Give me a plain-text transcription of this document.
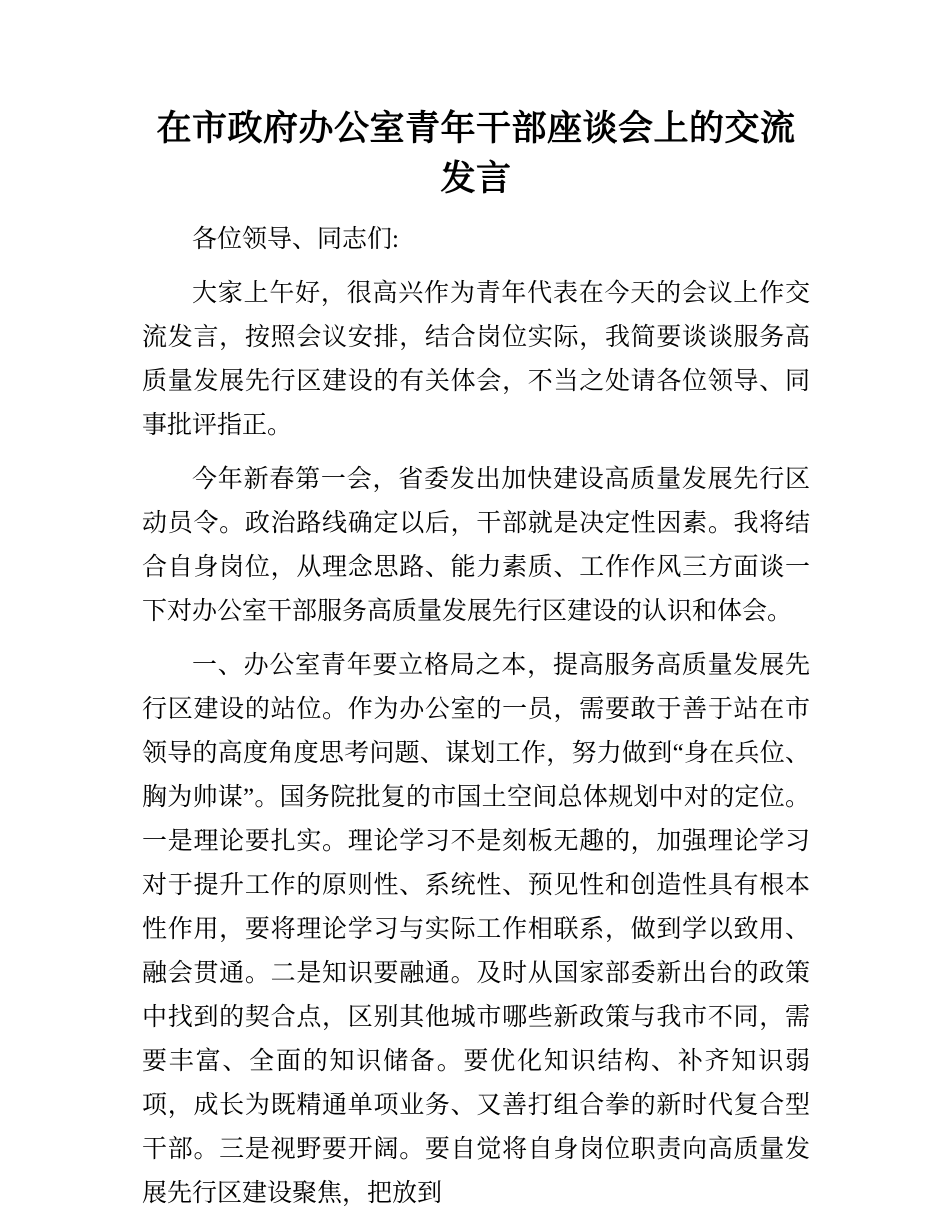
在市政府办公室青年干部座谈会上的交流发言

各位领导、同志们:

大家上午好，很高兴作为青年代表在今天的会议上作交流发言，按照会议安排，结合岗位实际，我简要谈谈服务高质量发展先行区建设的有关体会，不当之处请各位领导、同事批评指正。

今年新春第一会，省委发出加快建设高质量发展先行区动员令。政治路线确定以后，干部就是决定性因素。我将结合自身岗位，从理念思路、能力素质、工作作风三方面谈一下对办公室干部服务高质量发展先行区建设的认识和体会。

一、办公室青年要立格局之本，提高服务高质量发展先行区建设的站位。作为办公室的一员，需要敢于善于站在市领导的高度角度思考问题、谋划工作，努力做到“身在兵位、胸为帅谋”。国务院批复的市国土空间总体规划中对的定位。一是理论要扎实。理论学习不是刻板无趣的，加强理论学习对于提升工作的原则性、系统性、预见性和创造性具有根本性作用，要将理论学习与实际工作相联系，做到学以致用、融会贯通。二是知识要融通。及时从国家部委新出台的政策中找到的契合点，区别其他城市哪些新政策与我市不同，需要丰富、全面的知识储备。要优化知识结构、补齐知识弱项，成长为既精通单项业务、又善打组合拳的新时代复合型干部。三是视野要开阔。要自觉将自身岗位职责向高质量发展先行区建设聚焦，把放到
